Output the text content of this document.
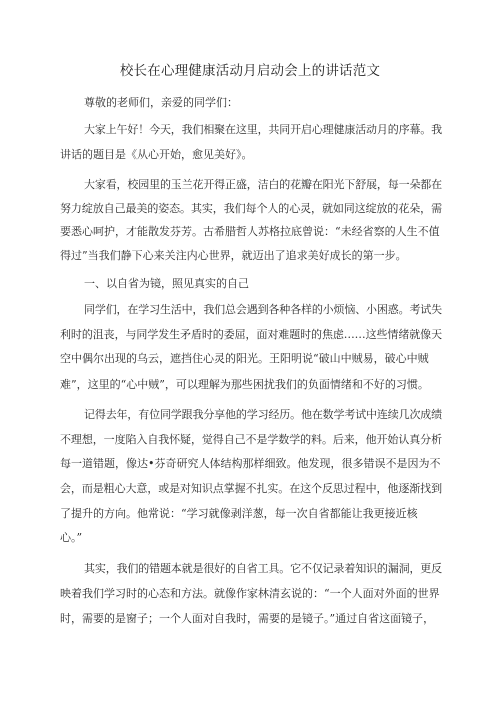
校长在心理健康活动月启动会上的讲话范文
尊敬的老师们，亲爱的同学们：
大家上午好！今天，我们相聚在这里，共同开启心理健康活动月的序幕。我
讲话的题目是《从心开始，愈见美好》。
大家看，校园里的玉兰花开得正盛，洁白的花瓣在阳光下舒展，每一朵都在
努力绽放自己最美的姿态。其实，我们每个人的心灵，就如同这绽放的花朵，需
要悉心呵护，才能散发芬芳。古希腊哲人苏格拉底曾说：“未经省察的人生不值
得过”当我们静下心来关注内心世界，就迈出了追求美好成长的第一步。
一、以自省为镜，照见真实的自己
同学们，在学习生活中，我们总会遇到各种各样的小烦恼、小困惑。考试失
利时的沮丧，与同学发生矛盾时的委屈，面对难题时的焦虑……这些情绪就像天
空中偶尔出现的乌云，遮挡住心灵的阳光。王阳明说“破山中贼易，破心中贼
难”，这里的“心中贼”，可以理解为那些困扰我们的负面情绪和不好的习惯。
记得去年，有位同学跟我分享他的学习经历。他在数学考试中连续几次成绩
不理想，一度陷入自我怀疑，觉得自己不是学数学的料。后来，他开始认真分析
每一道错题，像达•芬奇研究人体结构那样细致。他发现，很多错误不是因为不
会，而是粗心大意，或是对知识点掌握不扎实。在这个反思过程中，他逐渐找到
了提升的方向。他常说：“学习就像剥洋葱，每一次自省都能让我更接近核
心。”
其实，我们的错题本就是很好的自省工具。它不仅记录着知识的漏洞，更反
映着我们学习时的心态和方法。就像作家林清玄说的：“一个人面对外面的世界
时，需要的是窗子；一个人面对自我时，需要的是镜子。”通过自省这面镜子，
